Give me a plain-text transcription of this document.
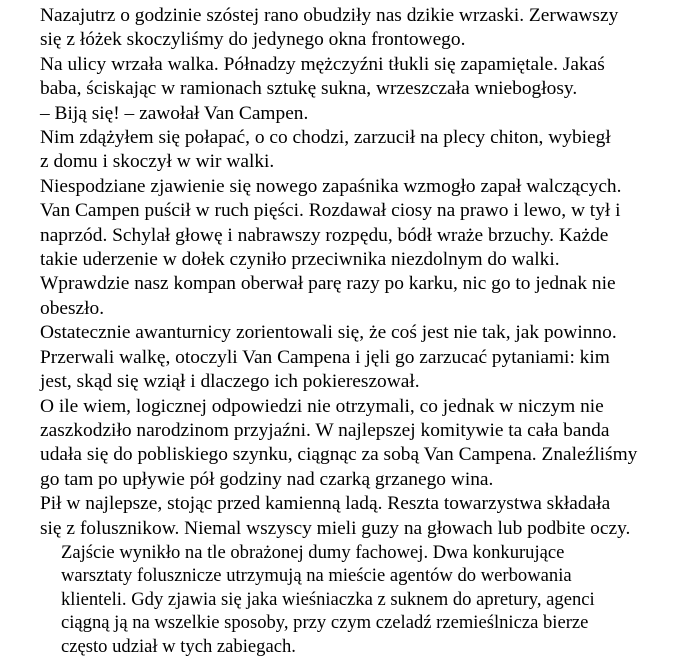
Nazajutrz o godzinie szóstej rano obudziły nas dzikie wrzaski. Zerwawszy
się z łóżek skoczyliśmy do jedynego okna frontowego.

Na ulicy wrzała walka. Półnadzy mężczyźni tłukli się zapamiętale. Jakaś
baba, ściskając w ramionach sztukę sukna, wrzeszczała wniebogłosy.

– Biją się! – zawołał Van Campen.

Nim zdążyłem się połapać, o co chodzi, zarzucił na plecy chiton, wybiegł
z domu i skoczył w wir walki.

Niespodziane zjawienie się nowego zapaśnika wzmogło zapał walczących.
Van Campen puścił w ruch pięści. Rozdawał ciosy na prawo i lewo, w tył i
naprzód. Schylał głowę i nabrawszy rozpędu, bódł wraże brzuchy. Każde
takie uderzenie w dołek czyniło przeciwnika niezdolnym do walki.
Wprawdzie nasz kompan oberwał parę razy po karku, nic go to jednak nie
obeszło.

Ostatecznie awanturnicy zorientowali się, że coś jest nie tak, jak powinno.
Przerwali walkę, otoczyli Van Campena i jęli go zarzucać pytaniami: kim
jest, skąd się wziął i dlaczego ich pokiereszował.

O ile wiem, logicznej odpowiedzi nie otrzymali, co jednak w niczym nie
zaszkodziło narodzinom przyjaźni. W najlepszej komitywie ta cała banda
udała się do pobliskiego szynku, ciągnąc za sobą Van Campena. Znaleźliśmy
go tam po upływie pół godziny nad czarką grzanego wina.

Pił w najlepsze, stojąc przed kamienną ladą. Reszta towarzystwa składała
się z folusznikow. Niemal wszyscy mieli guzy na głowach lub podbite oczy.

Zajście wynikło na tle obrażonej dumy fachowej. Dwa konkurujące
warsztaty folusznicze utrzymują na mieście agentów do werbowania
klienteli. Gdy zjawia się jaka wieśniaczka z suknem do apretury, agenci
ciągną ją na wszelkie sposoby, przy czym czeladź rzemieślnicza bierze
często udział w tych zabiegach.
